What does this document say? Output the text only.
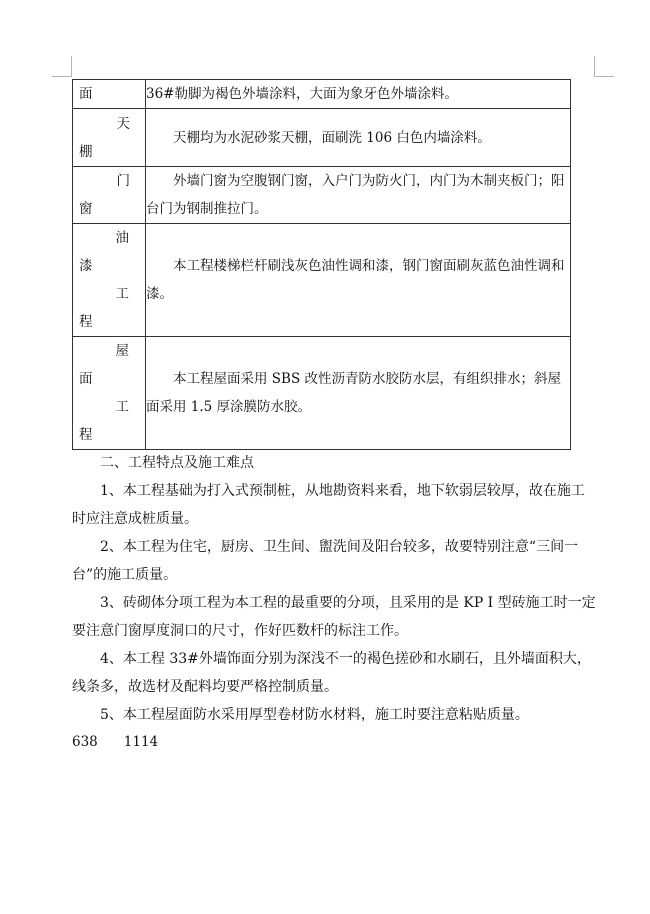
面	36#勒脚为褐色外墙涂料，大面为象牙色外墙涂料。

天
棚	天棚均为水泥砂浆天棚，面刷洗 106 白色内墙涂料。

门
窗	外墙门窗为空腹钢门窗，入户门为防火门，内门为木制夹板门；阳台门为钢制推拉门。

油
漆
工
程	本工程楼梯栏杆刷浅灰色油性调和漆，钢门窗面刷灰蓝色油性调和漆。

屋
面
工
程	本工程屋面采用 SBS 改性沥青防水胶防水层，有组织排水；斜屋面采用 1.5 厚涂膜防水胶。

二、工程特点及施工难点

1、本工程基础为打入式预制桩，从地勘资料来看，地下软弱层较厚，故在施工时应注意成桩质量。

2、本工程为住宅，厨房、卫生间、盥洗间及阳台较多，故要特别注意“三间一台”的施工质量。

3、砖砌体分项工程为本工程的最重要的分项，且采用的是 KP I 型砖施工时一定要注意门窗厚度洞口的尺寸，作好匹数杆的标注工作。

4、本工程 33#外墙饰面分别为深浅不一的褐色搓砂和水刷石，且外墙面积大，线条多，故选材及配料均要严格控制质量。

5、本工程屋面防水采用厚型卷材防水材料，施工时要注意粘贴质量。

638 1114
